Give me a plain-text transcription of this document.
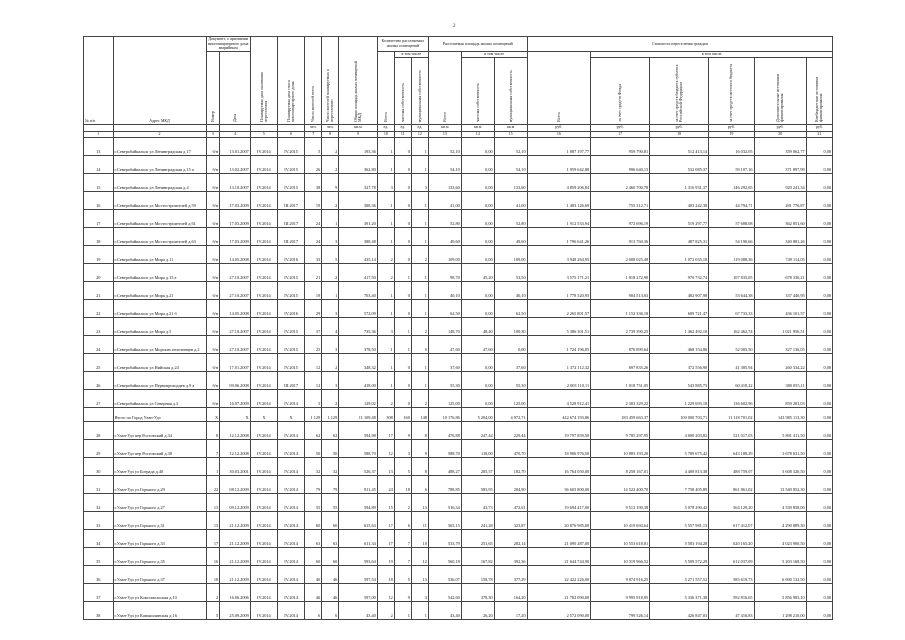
2
№ п/п	Адрес МКД	Документ, о признании многоквартирного дома аварийным		Планируемая дата окончания переселения	Планируемая дата сноса многоквартирного дома	Число жителей всего	Число жителей планируемых к переселению	Общая площадь жилых помещений МКД	Количество расселяемых жилых помещений			Расселяемая площадь жилых помещений			Стоимость переселения граждан					
		Номер	Дата						Всего	в том числе		Всего	в том числе		Всего	в том числе				
										частная собственность	муниципальная собственность		частная собственность	муниципальная собственность		за счет средств Фонда	за счет средств бюджета субъекта Российской Федерации	за счет средств местного бюджета	Дополнительные источники финансирования	Внебюджетные источники финансирования
						чел.	чел.	кв.м	ед.	ед.	ед.	кв.м	кв.м	кв.м	руб.	руб.	руб.	руб.	руб.	руб.
1	2	3	4	5	6	7	8	9	10	11	12	13	14	15	16	17	18	19	20	21
13	г.Северобайкальск ул Ленинградская д.17	б/н	13.01.2007	IV.2014	IV.2015	5	2	193,36	1	0	1	52,10	0,00	52,10	1 887 197,77	959 790,81	512 413,14	16 032,05	359 062,77	0,00
14	г.Северобайкальск ул Ленинградская д.15 а	б/н	13.02.2007	IV.2014	IV.2015	26	2	362,80	1	0	1	54,10	0,00	54,10	1 959 642,88	996 640,13	532 085,37	59 107,16	371 897,99	0,00
15	г.Северобайкальск ул Ленинградская д.4	б/н	13.10.2007	IV.2014	IV.2015	38	9	327,78	3	0	3	133,60	0,00	133,60	4 859 206,84	2 460 700,78	1 316 931,37	146 292,65	920 241,34	0,00
16	г.Северобайкальск ул Мостостроителей д.59	б/н	17.03.2009	IV.2014	III.2017	19	2	388,36	1	0	1	41,00	0,00	41,00	1 483 126,69	755 312,71	403 242,38	44 794,71	281 776,87	0,00
17	г.Северобайкальск ул Мостостроителей д.61	б/н	17.03.2009	IV.2014	III.2017	24	1	391,20	1	0	1	52,80	0,00	52,80	1 912 533,94	972 696,19	519 297,77	57 688,08	362 851,60	0,00
18	г.Северобайкальск ул Мостостроителей д.63	б/н	17.03.2009	IV.2014	III.2017	24	3	388,48	1	0	1	49,60	0,00	49,60	1 796 641,26	913 760,36	487 825,31	54 190,66	340 881,26	0,00
19	г.Северобайкальск ул Мира д.11	б/н	14.05.2008	IV.2014	IV.2016	33	5	435,14	2	0	2	109,00	0,00	109,00	3 948 264,95	2 008 025,48	1 072 035,18	119 088,36	749 114,05	0,00
20	г.Северобайкальск ул Мира д.15 а	б/н	27.10.2007	IV.2014	IV.2015	21	2	417,50	2	1	1	98,70	45,20	53,50	3 575 171,21	1 818 272,90	970 732,74	107 835,05	678 330,21	0,00
21	г.Северобайкальск ул Мира д.21	б/н	27.10.2007	IV.2014	IV.2015	19	1	703,40	1	0	1	40,10	0,00	40,10	1 778 520,95	904 513,03	482 907,98	53 644,38	337 440,95	0,00
22	г.Северобайкальск ул Мира д.21 б	б/н	14.05.2008	IV.2014	IV.2016	29	3	572,09	1	0	1	62,50	0,00	62,50	2 265 801,57	1 152 336,18	609 721,47	67 733,33	436 101,57	0,00
23	г.Северобайкальск ул Мира д.5	б/н	27.10.2007	IV.2014	IV.2015	37	4	735,36	3	1	2	148,70	48,40	100,30	5 386 301,51	2 739 390,25	1 462 492,10	162 462,74	1 021 956,51	0,00
24	г.Северобайкальск ул Морских пехотинцев д.2	б/н	27.10.2007	IV.2014	IV.2015	25	3	378,50	1	1	0	47,60	47,60	0,00	1 724 196,05	876 899,64	468 154,86	52 005,50	327 136,05	0,00
25	г.Северобайкальск ул Нийская д.24	б/н	17.01.2007	IV.2014	IV.2015	12	2	348,32	1	0	1	37,60	0,00	37,60	1 372 112,32	697 835,26	372 556,90	41 385,94	260 334,22	0,00
26	г.Северобайкальск ул Первопроходцев д.9 а	б/н	09.06.2008	IV.2014	III.2017	12	3	418,00	1	0	1	55,30	0,00	55,30	2 003 110,11	1 018 751,05	543 885,73	60 418,22	380 055,11	0,00
27	г.Северобайкальск ул Северная д.3	б/н	16.07.2009	IV.2014	IV.2014	5	2	129,02	2	0	2	125,00	0,00	125,00	4 528 912,41	2 303 329,22	1 229 693,18	136 602,96	859 281,03	0,00
	Итого по Город Улан-Удэ	X	X	X	X	1 129	1 129	11 109,48	308	160	148	10 176,86	5 204,00	4 972,71	442 674 193,86	183 459 663,37	100 000 703,71	11 118 701,02	143 985 113,30	0,00
28	г.Улан-Удэ пер Ростовский д.34	8	12.12.2008	IV.2014	IV.2014	62	62	594,98	17	9	8	476,88	247,44	229,44	19 797 859,50	9 785 297,95	4 690 203,82	521 017,03	5 801 411,50	0,00
29	г.Улан-Удэ пер Ростовский д.38	7	12.12.2008	IV.2014	IV.2014	50	50	588,70	12	3	9	588,70	118,00	470,70	18 906 976,50	10 883 193,20	5 789 675,42	643 188,29	1 678 631,50	0,00
30	г.Улан-Удэ ул Бограда д.40	1	30.03.2001	IV.2014	IV.2014	32	32	526,37	13	5	8	488,27	205,57	182,70	16 764 050,00	8 258 167,01	4 408 813,38	488 759,07	3 608 320,50	0,00
31	г.Улан-Удэ ул Горького д.29	22	08.12.2009	IV.2014	IV.2014	79	79	811,45	24	18	6	788,85	583,95	204,90	36 603 800,00	14 522 400,70	7 758 405,89	861 861,02	13 540 852,30	0,00
32	г.Улан-Удэ ул Горького д.27	13	09.12.2009	IV.2014	IV.2014	55	55	594,89	15	2	13	516,34	43,73	472,61	19 694 417,00	9 512 190,38	5 078 290,42	564 129,20	4 539 858,00	0,00
33	г.Улан-Удэ ул Горького д.31	15	21.12.2009	IV.2014	IV.2014	60	60	615,63	17	6	11	565,15	241,28	323,87	20 876 985,00	10 419 694,64	5 557 981,13	617 412,07	4 290 889,30	0,00
34	г.Улан-Удэ ул Горького д.33	17	21.12.2009	IV.2014	IV.2014	63	63	611,34	17	7	10	533,79	251,65	282,14	21 090 287,00	10 553 618,81	5 583 194,28	620 165,20	4 023 900,50	0,00
35	г.Улан-Удэ ул Горького д.35	16	21.12.2009	IV.2014	IV.2014	60	60	593,64	19	7	12	560,18	167,82	392,36	21 644 744,90	10 319 966,52	5 509 572,29	612 037,09	5 203 168,50	0,00
36	г.Улан-Удэ ул Горького д.37	18	21.12.2009	IV.2014	IV.2014	46	46	597,54	18	5	13	536,07	158,78	377,29	22 422 226,00	9 874 916,25	5 271 557,52	585 619,73	6 690 132,50	0,00
37	г.Улан-Удэ ул Комсомольская д.10	2	16.06.2006	IV.2014	IV.2014	46	46	597,00	12	9	3	542,60	378,30	164,20	21 782 090,00	9 995 918,95	5 336 371,38	592 816,65	5 856 983,10	0,00
38	г.Улан-Удэ ул Камышлинская д.16	5	25.09.2009	IV.2014	IV.2014	6	6	43,40	2	1	1	43,40	26,20	17,20	2 572 090,00	799 526,14	426 847,03	47 416,83	1 298 210,00	0,00
